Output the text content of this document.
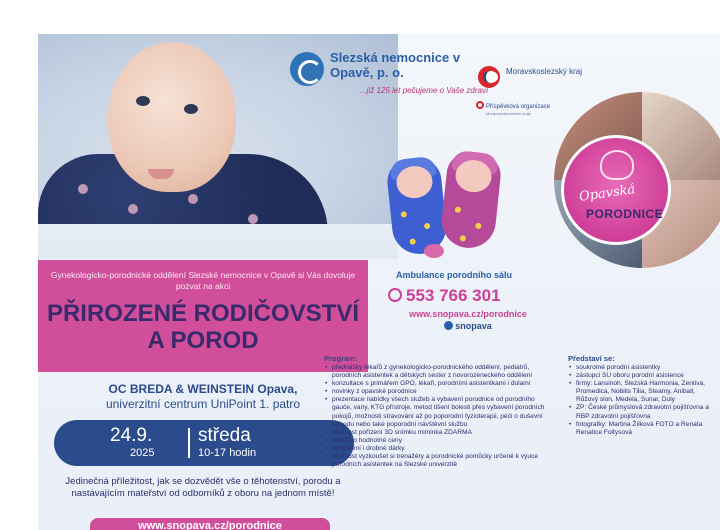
Slezská nemocnice v Opavě, p. o.
...již 125 let pečujeme o Vaše zdraví
Moravskoslezský kraj
Příspěvková organizace
Moravskoslezského kraje
Opavská
PORODNICE
Gynekologicko-porodnické oddělení Slezské nemocnice v Opavě si Vás dovoluje pozvat na akci
PŘIROZENÉ RODIČOVSTVÍ
A POROD
Ambulance porodního sálu
553 766 301
www.snopava.cz/porodnice
snopava
OC BREDA & WEINSTEIN Opava,
univerzitní centrum UniPoint 1. patro
24.9.
2025
středa
10-17 hodin
Jedinečná příležitost, jak se dozvědět vše o těhotenství, porodu a nastávajícím mateřství od odborníků z oboru na jednom místě!
www.snopava.cz/porodnice
Program:
• přednášky lékařů z gynekologicko-porodnického oddělení, pediatrů, porodních asistentek a dětských sester z novorozeneckého oddělení
• konzultace s primářem GPO, lékaři, porodními asistentkami i dulami
• novinky z opavské porodnice
• prezentace nabídky všech služeb a vybavení porodnice od porodního gauče, vany, KTG přístroje, metod tišení bolesti přes vybavení porodních pokojů, možnosti stravování až po poporodní fyzioterapii, péči o duševní pohodu nebo také poporodní návštěvní službu
• možnost pořízení 3D snímku miminka ZDARMA
• soutěž o hodnotné ceny
• pohoštění i drobné dárky
• možnost vyzkoušet si trenažéry a porodnické pomůcky určené k výuce porodních asistentek na Slezské univerzitě
Představí se:
• soukromé porodní asistentky
• zástupci SU oboru porodní asistence
• firmy: Lansinoh, Slezská Harmonia, Zentiva, Promedica, Nobilis Tilia, Steamy, Aniball, Růžový slon, Medela, Sunar, Duly
• ZP: České průmyslová zdravotní pojišťovna a RBP zdravotní pojišťovna
• fotografky: Martina Žílková FOTO a Renata Renatice Foltysová
